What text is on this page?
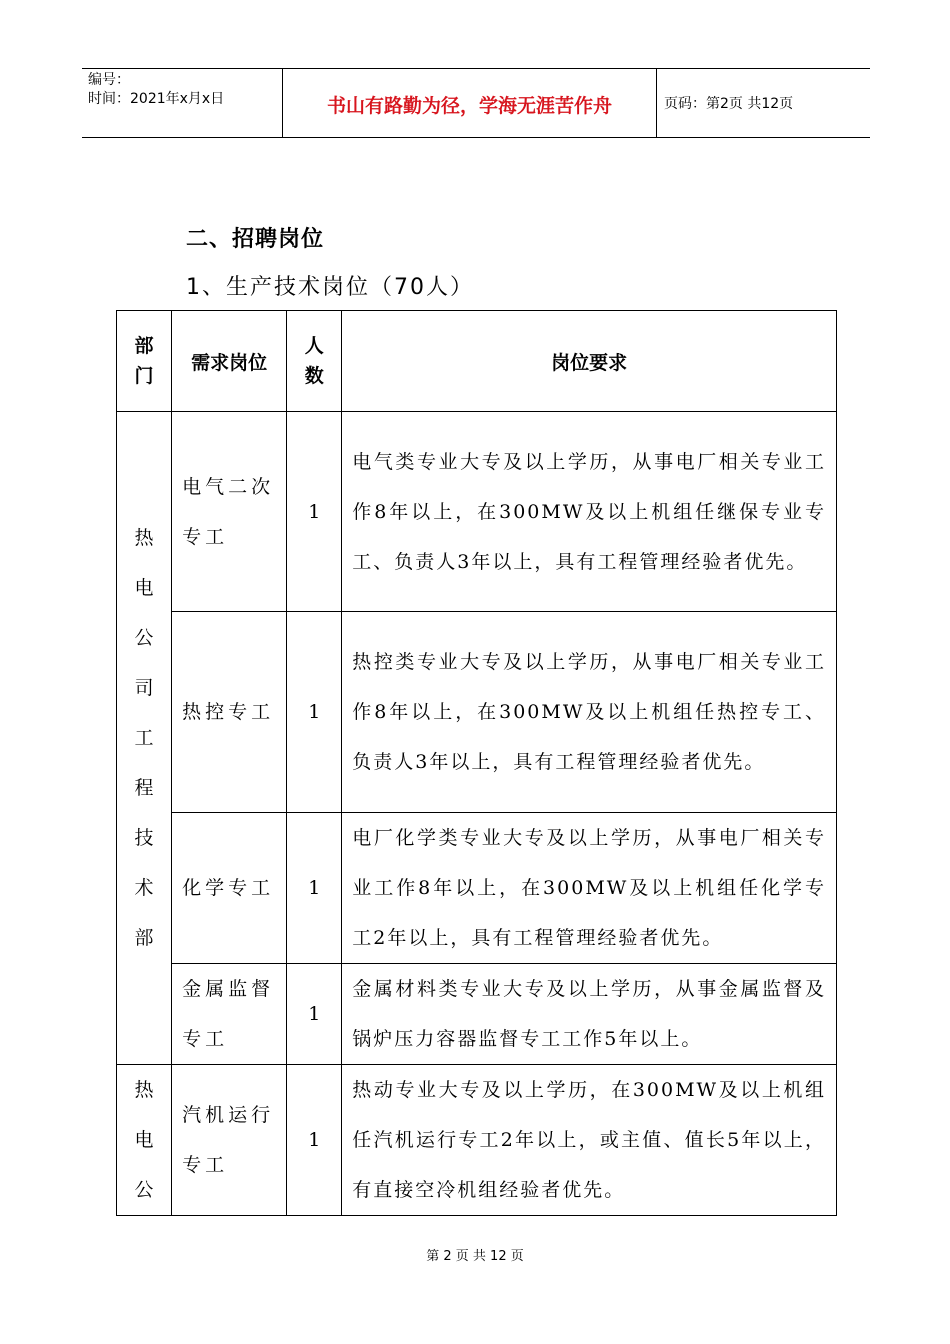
编号：
时间：2021年x月x日	书山有路勤为径，学海无涯苦作舟	页码：第2页 共12页
二、招聘岗位
1、生产技术岗位（70人）
部门	需求岗位	人数	岗位要求

热电公司工程技术部	电气二次专工	1	电气类专业大专及以上学历，从事电厂相关专业工作8年以上，在300MW及以上机组任继保专业专工、负责人3年以上，具有工程管理经验者优先。
	热控专工	1	热控类专业大专及以上学历，从事电厂相关专业工作8年以上，在300MW及以上机组任热控专工、负责人3年以上，具有工程管理经验者优先。
	化学专工	1	电厂化学类专业大专及以上学历，从事电厂相关专业工作8年以上，在300MW及以上机组任化学专工2年以上，具有工程管理经验者优先。
	金属监督专工	1	金属材料类专业大专及以上学历，从事金属监督及锅炉压力容器监督专工工作5年以上。

热电公	汽机运行专工	1	热动专业大专及以上学历，在300MW及以上机组任汽机运行专工2年以上，或主值、值长5年以上，有直接空冷机组经验者优先。
第 2 页 共 12 页
